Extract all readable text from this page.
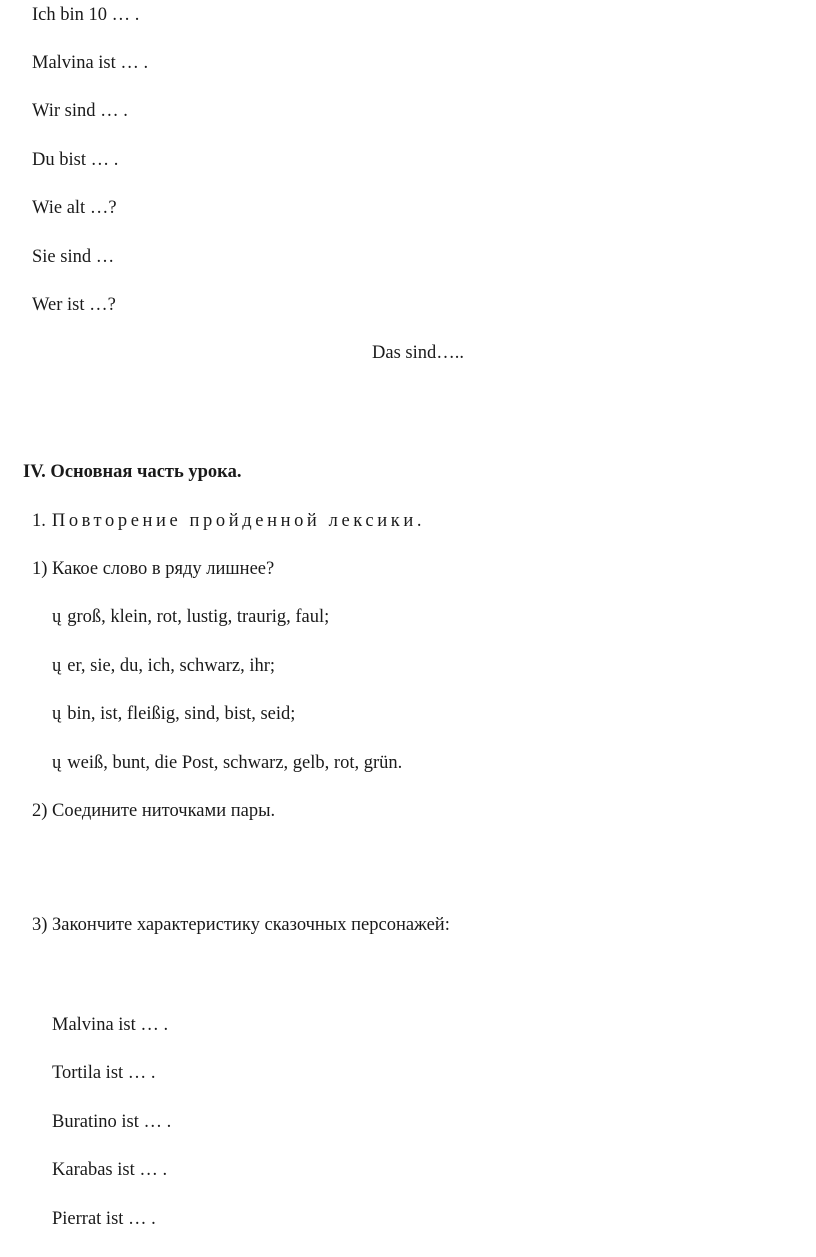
Ich bin 10 … .
Malvina ist … .
Wir sind … .
Du bist … .
Wie alt …?
Sie sind …
Wer ist …?
Das sind…..
IV. Основная часть урока.
1. Повторение пройденной лексики.
1) Какое слово в ряду лишнее?
ų groß, klein, rot, lustig, traurig, faul;
ų er, sie, du, ich, schwarz, ihr;
ų bin, ist, fleißig, sind, bist, seid;
ų weiß, bunt, die Post, schwarz, gelb, rot, grün.
2) Соедините ниточками пары.
3) Закончите характеристику сказочных персонажей:
Malvina ist … .
Tortila ist … .
Buratino ist … .
Karabas ist … .
Pierrat ist … .
